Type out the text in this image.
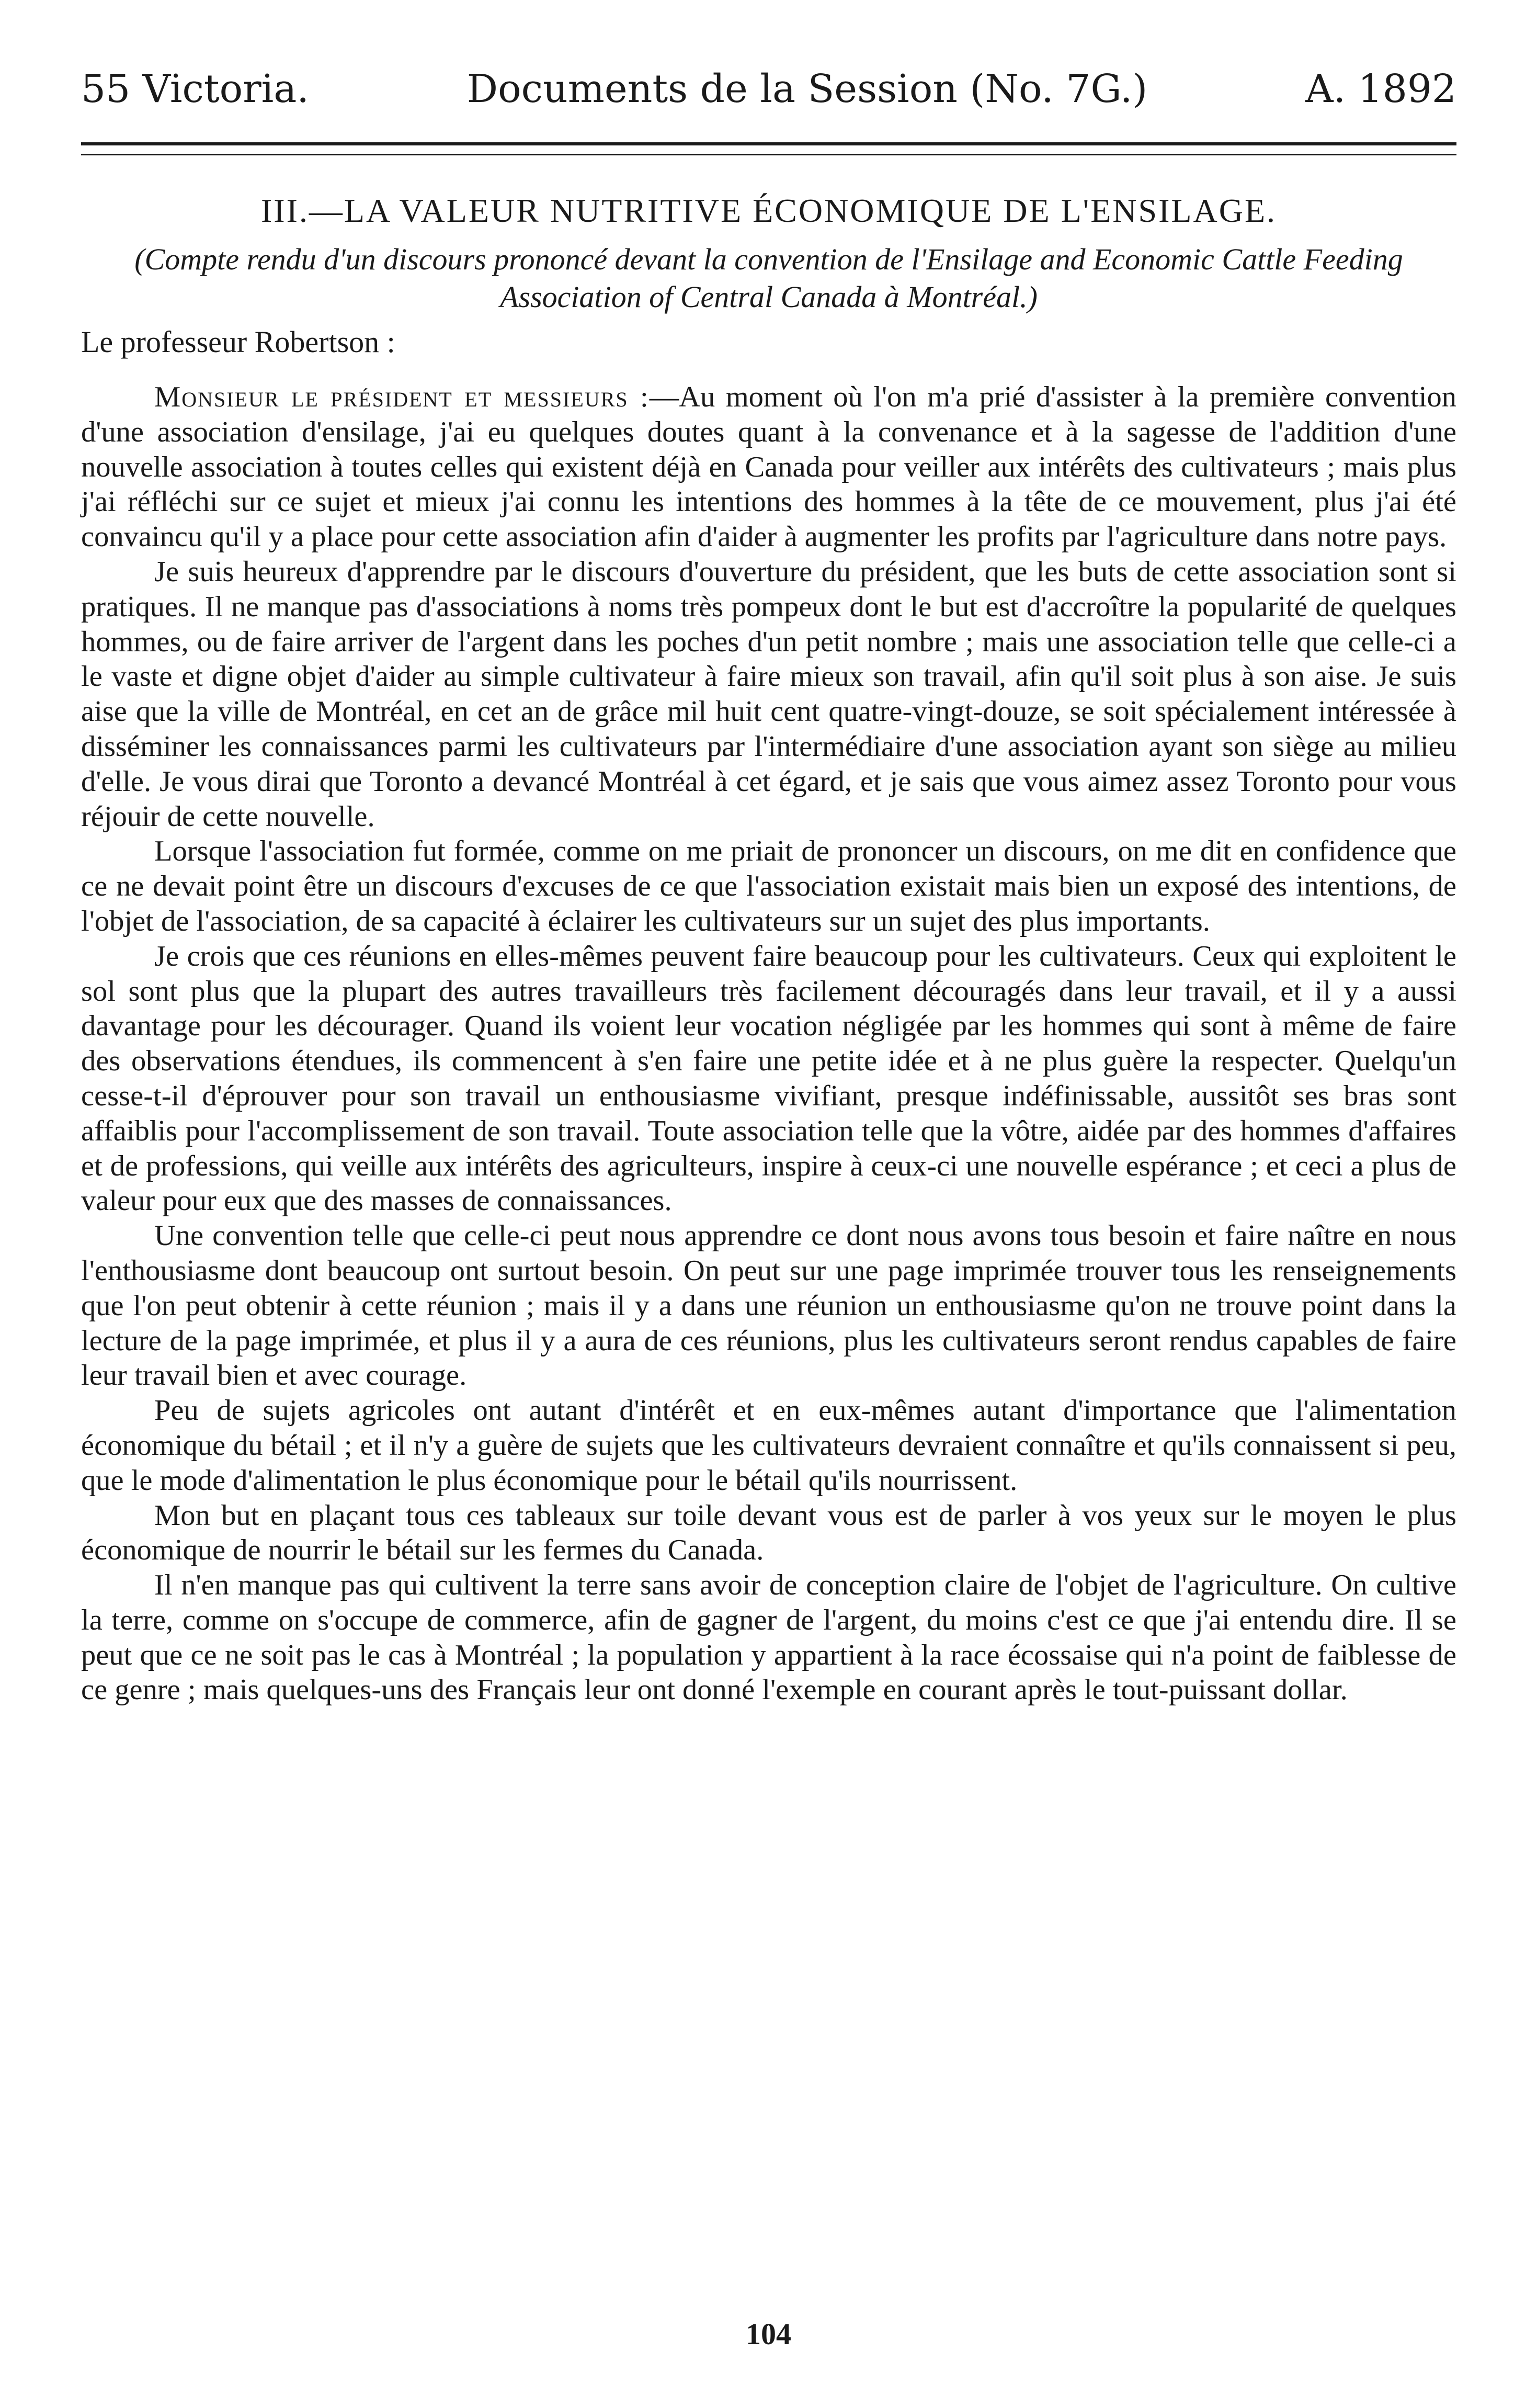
55 Victoria.	Documents de la Session (No. 7G.)	A. 1892
III.—LA VALEUR NUTRITIVE ÉCONOMIQUE DE L'ENSILAGE.
(Compte rendu d'un discours prononcé devant la convention de l'Ensilage and Economic Cattle Feeding Association of Central Canada à Montréal.)
Le professeur Robertson :

Monsieur le président et messieurs :—Au moment où l'on m'a prié d'assister à la première convention d'une association d'ensilage, j'ai eu quelques doutes quant à la convenance et à la sagesse de l'addition d'une nouvelle association à toutes celles qui existent déjà en Canada pour veiller aux intérêts des cultivateurs ; mais plus j'ai réfléchi sur ce sujet et mieux j'ai connu les intentions des hommes à la tête de ce mouvement, plus j'ai été convaincu qu'il y a place pour cette association afin d'aider à augmenter les profits par l'agriculture dans notre pays.

Je suis heureux d'apprendre par le discours d'ouverture du président, que les buts de cette association sont si pratiques. Il ne manque pas d'associations à noms très pompeux dont le but est d'accroître la popularité de quelques hommes, ou de faire arriver de l'argent dans les poches d'un petit nombre ; mais une association telle que celle-ci a le vaste et digne objet d'aider au simple cultivateur à faire mieux son travail, afin qu'il soit plus à son aise. Je suis aise que la ville de Montréal, en cet an de grâce mil huit cent quatre-vingt-douze, se soit spécialement intéressée à disséminer les connaissances parmi les cultivateurs par l'intermédiaire d'une association ayant son siège au milieu d'elle. Je vous dirai que Toronto a devancé Montréal à cet égard, et je sais que vous aimez assez Toronto pour vous réjouir de cette nouvelle.

Lorsque l'association fut formée, comme on me priait de prononcer un discours, on me dit en confidence que ce ne devait point être un discours d'excuses de ce que l'association existait mais bien un exposé des intentions, de l'objet de l'association, de sa capacité à éclairer les cultivateurs sur un sujet des plus importants.

Je crois que ces réunions en elles-mêmes peuvent faire beaucoup pour les cultivateurs. Ceux qui exploitent le sol sont plus que la plupart des autres travailleurs très facilement découragés dans leur travail, et il y a aussi davantage pour les décourager. Quand ils voient leur vocation négligée par les hommes qui sont à même de faire des observations étendues, ils commencent à s'en faire une petite idée et à ne plus guère la respecter. Quelqu'un cesse-t-il d'éprouver pour son travail un enthousiasme vivifiant, presque indéfinissable, aussitôt ses bras sont affaiblis pour l'accomplissement de son travail. Toute association telle que la vôtre, aidée par des hommes d'affaires et de professions, qui veille aux intérêts des agriculteurs, inspire à ceux-ci une nouvelle espérance ; et ceci a plus de valeur pour eux que des masses de connaissances.

Une convention telle que celle-ci peut nous apprendre ce dont nous avons tous besoin et faire naître en nous l'enthousiasme dont beaucoup ont surtout besoin. On peut sur une page imprimée trouver tous les renseignements que l'on peut obtenir à cette réunion ; mais il y a dans une réunion un enthousiasme qu'on ne trouve point dans la lecture de la page imprimée, et plus il y a aura de ces réunions, plus les cultivateurs seront rendus capables de faire leur travail bien et avec courage.

Peu de sujets agricoles ont autant d'intérêt et en eux-mêmes autant d'importance que l'alimentation économique du bétail ; et il n'y a guère de sujets que les cultivateurs devraient connaître et qu'ils connaissent si peu, que le mode d'alimentation le plus économique pour le bétail qu'ils nourrissent.

Mon but en plaçant tous ces tableaux sur toile devant vous est de parler à vos yeux sur le moyen le plus économique de nourrir le bétail sur les fermes du Canada.

Il n'en manque pas qui cultivent la terre sans avoir de conception claire de l'objet de l'agriculture. On cultive la terre, comme on s'occupe de commerce, afin de gagner de l'argent, du moins c'est ce que j'ai entendu dire. Il se peut que ce ne soit pas le cas à Montréal ; la population y appartient à la race écossaise qui n'a point de faiblesse de ce genre ; mais quelques-uns des Français leur ont donné l'exemple en courant après le tout-puissant dollar.

104
